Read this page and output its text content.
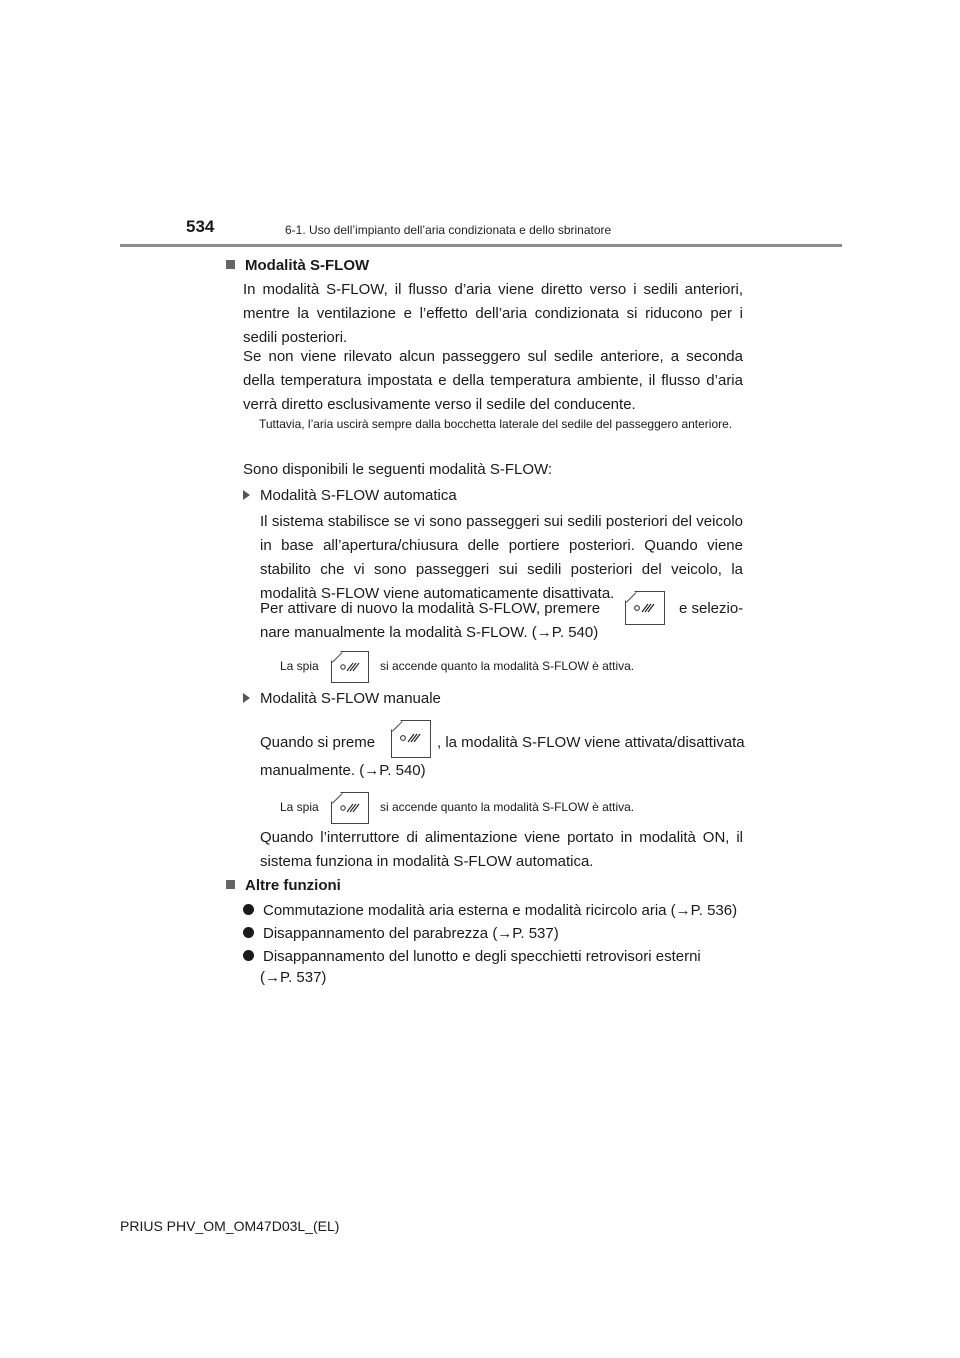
534	6-1. Uso dell’impianto dell’aria condizionata e dello sbrinatore
Modalità S-FLOW
In modalità S-FLOW, il flusso d’aria viene diretto verso i sedili anteriori, mentre la ventilazione e l’effetto dell’aria condizionata si riducono per i sedili posteriori.
Se non viene rilevato alcun passeggero sul sedile anteriore, a seconda della temperatura impostata e della temperatura ambiente, il flusso d’aria verrà diretto esclusivamente verso il sedile del conducente.
Tuttavia, l’aria uscirà sempre dalla bocchetta laterale del sedile del passeggero anteriore.
Sono disponibili le seguenti modalità S-FLOW:
Modalità S-FLOW automatica
Il sistema stabilisce se vi sono passeggeri sui sedili posteriori del veicolo in base all’apertura/chiusura delle portiere posteriori. Quando viene stabilito che vi sono passeggeri sui sedili posteriori del veicolo, la modalità S-FLOW viene automaticamente disattivata.
Per attivare di nuovo la modalità S-FLOW, premere	e selezio-
nare manualmente la modalità S-FLOW. (→P. 540)
La spia	si accende quanto la modalità S-FLOW è attiva.
Modalità S-FLOW manuale
Quando si preme	, la modalità S-FLOW viene attivata/disattivata
manualmente. (→P. 540)
La spia	si accende quanto la modalità S-FLOW è attiva.
Quando l’interruttore di alimentazione viene portato in modalità ON, il sistema funziona in modalità S-FLOW automatica.
Altre funzioni
Commutazione modalità aria esterna e modalità ricircolo aria (→P. 536)
Disappannamento del parabrezza (→P. 537)
Disappannamento del lunotto e degli specchietti retrovisori esterni
(→P. 537)
PRIUS PHV_OM_OM47D03L_(EL)
